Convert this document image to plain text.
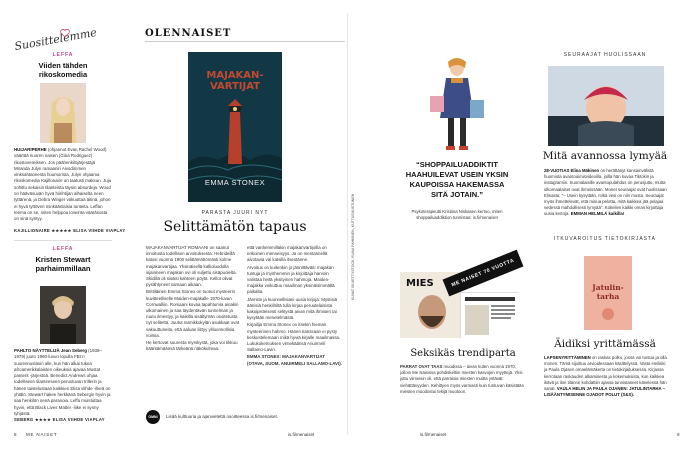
Suosittelemme	OLENNAISET
LEFFA
Viiden tähden rikoskomedia
HUIJARIPERHE (ohjannut Evan Rachel Wood) väärtää nuoren naisen (Gina Rodriguez) rikostovereiksen. Jos päähenkilöjärjestäjä Miranda Julyn ramaanin Aivodimmen vinksahtaneesta huumorista, Julyn ohjaama rikoskomedia Kajillonaire on taatusti maksun. Juju sohittu sekaisin tilanteista täysin absurdeja. Wood on hääväsuvän hyvä hiirihtijan alhaiselta neen tyttärenä, ja Debra Winger vakuuttaa äitinä, johon ei hyvä tyttöveri minkäänlaisia tunteita. Leffan teema on se, miten helppoa loveinta vääräsosta on sinä syntyy.
KAJILLIONAIRE ★★★★★ ELISA VIIHDE VIAPLAY
LEFFA
Kristen Stewart parhaimmillaan
PAHLTO NÄYTTELIJÄ Jean Seberg (1938–1979) juuto 1960-luvun lopulla FBI:n suurennuslasin alle, kun hän alkai tukea afroamerikkalaisten oikeuksia ajavaa Mustat panterit -järjestöä. Benedict Andrews ohjaa todelliseen tilanteeseen perustuvan trillerin ja hänen taistelustaan kaikkien Elisa viihde -ilkeä on yhtälö. Stewart hakee herkkänä Sebergin hyvin ja saa henkilön nenä paranoia. Leffa muistuttaa hyvin, että Black Lives Matter -liike ei synny tyhjästä.
SEBERG ★★★★ ELISA VIIHDE VIAPLAY
MAJAKAN-VARTIJAT
EMMA STONEX
PARASTA JUURI NYT
Selittämätön tapaus

MAJAKANVARTIJAT ROMAANI on saanut innoitusta todellisen arvoituksesta: Hebrideillä katosi vuonna 1900 selittämättömästi kolme majakanvartijaa. Yksinäisellä kallioluodolla sijainneen majakan ovi oli suljettu sisäpuolelta. Skidillä oli sisäisi kahteen pöytä. Kellot olivat pysähtyneet samaan aikaan.

Brittiläinen Emma Stonex on tuonut mysteerin kuvitteelliselle Maiden-majakalle 1970-luvun Cornwalliin. Romaani kuvaa tapahtumia ainakin ulkomainen ja saa täydentävän tunnelman ja ruutu ilmestyy, ja kaikilla sisältymän osoitetusta nyt selitettä. Juutut rannikkokylän asukkaat ovat vakuuttuneita, että aaluan liittyy yliluonnollisia voimia.

He kertovat suuresta myrskystä, joka voi tikkuu kääntämäänsä tärkeänä näkökulmaa.

että vanhemmillakin majakanvartijoilla on erikoinen menneisyys. Ja on mentasnellä aivotavia vai katsilla itsestänne.

Arvoitus on kuitenkin jo jännittävää: majakan tuntuja ja myöhemmin ja kirjoittaja harvoin valistaa heitä yksityinen hahmoja. Maiden-majakka voikuttuu maailman yksinäisimmältä paikalta.

Jännitin ja kuunnellisiani uusia kirjoja: Mystisiä äänisiä henkilöiltä tulla kirjaa peruutelaisista kaksipisteisesti selitystä aivan mitä ihmisen tai kysytään menetelmästä.

Kirjailija Emma Stonex on itsekin hieman mysteerinen hahmo. Hänen kanssaan ei pysty keskustelemaan mikä hyviä kirjalle maailmassa. Lukukokemuksen virnekäänsä Anuirmeli Sallamo-Lavin.

EMMA STONEX: MAJAKANVARTIJAT (OTAVA, SUOM. ANUIRMELI SALLAMO-LAVI).

OMNI	Lisää kulttuuria ja ajanvietettä osoitteessa is.fi/menaiset.
8 ME NAISET	is.fi/menaiset
KUVAT SILVETTYSTOCK, ELINA PAHKINEN, KUTTUSUUSTUNEN
“SHOPPAILUADDIKTIT HAAHUILEVAT USEIN YKSIN KAUPOISSA HAKEMASSA SITÄ JOTAIN.”
Psykoterapeutti Kristiina Niskasen kertoo, miten shoppailuaddiktion tunnistaa: is.fi/menaiset
SEURAAJAT HUOLISSAAN
Mitä avannossa lymyää
28-VUOTIAS Elina Mäkinen on herättänyt kansainvälistä huomiota avantouimisvideoilla, joilla hän kuvaa Tiktokin ja instagramiin. Suomalaisille avantopulahdus on perusjuttu, mutta ulkomaalaiset ovat ihmeissään. Monet seuraajat ovat huolissaan Elinasta: "– Usein kysytään, mikä vesi on niin musta. Seuraajat myös ihmettelevät, että minua pelotta, mitä kaikkea jää pelajaa vedessä mahdollisesti lymyää". Kokeilen kaikki oman kirjoittaja uusia kertoja. EMMAN HELMILÄ kaikilla!
ITKUVAROITUS TIETOKIRJASTA
Jatulin-
tarha
Äidiksi yrittämässä
LAPSENYRITTÄMINEN on raskas polku, jossa voi tuntua ja olla monen. Tämä sijoittuu arvioidessaan käsittelyssä. Vasta Heilinki ja Paula Ojasen omaelämäkerta on tietokirjailuksessa. Kirjassa kerrotaan raskauden alkamisesta ja kokemuksista, kun kaikkea ikävä ja ilon tilanne kohdattiin ajassa tunnistaneet kävelessä hän sanat. VAULA HELIN JA PAULA OJANEN: JATULINTARHA – LISÄÄNTYMISENNE OJADOT POLUT (S&S).
MIES	ME NAISET 70 VUOTTA
Seksikäs trendiparta
PARRAT OVAT TAAS muodissa – aivan kuten vuonna 1970, jolloin Me Naisissa pohdiskeltiin miesten kasvojen myyttejä. Yksi juttu viimeisin oli, että parraisia miesten muitta ystävät viehättävyyden. Kehittyen myös varmasti kuin tuntuvan käsistään miesten muodostui tekijä muotoon.
is.fi/menaiset	9
